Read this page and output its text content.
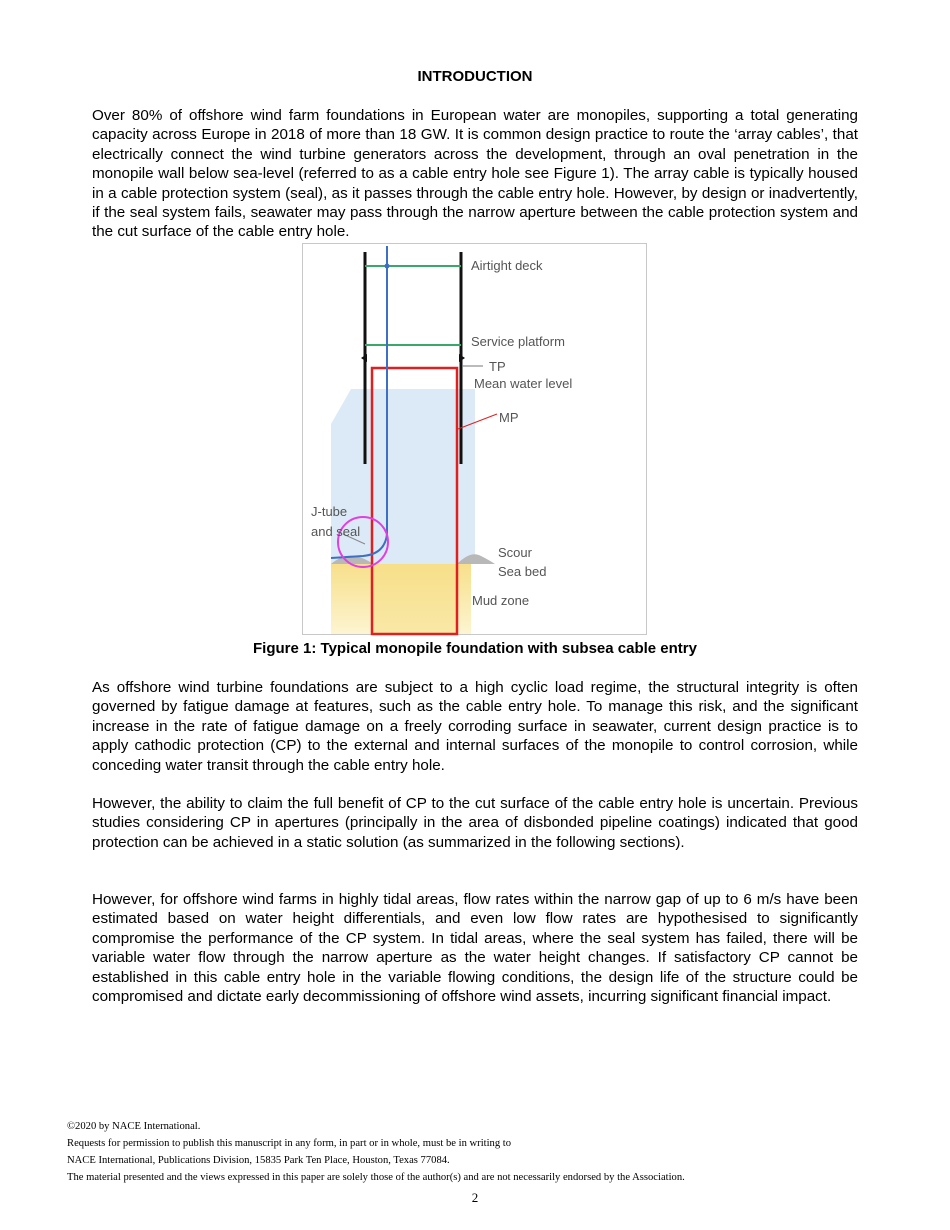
INTRODUCTION

Over 80% of offshore wind farm foundations in European water are monopiles, supporting a total generating capacity across Europe in 2018 of more than 18 GW. It is common design practice to route the ‘array cables’, that electrically connect the wind turbine generators across the development, through an oval penetration in the monopile wall below sea-level (referred to as a cable entry hole see Figure 1). The array cable is typically housed in a cable protection system (seal), as it passes through the cable entry hole. However, by design or inadvertently, if the seal system fails, seawater may pass through the narrow aperture between the cable protection system and the cut surface of the cable entry hole.

Airtight deck
Service platform
TP
Mean water level
MP
J-tube
and seal
Scour
Sea bed
Mud zone
Figure 1: Typical monopile foundation with subsea cable entry

As offshore wind turbine foundations are subject to a high cyclic load regime, the structural integrity is often governed by fatigue damage at features, such as the cable entry hole. To manage this risk, and the significant increase in the rate of fatigue damage on a freely corroding surface in seawater, current design practice is to apply cathodic protection (CP) to the external and internal surfaces of the monopile to control corrosion, while conceding water transit through the cable entry hole.

However, the ability to claim the full benefit of CP to the cut surface of the cable entry hole is uncertain. Previous studies considering CP in apertures (principally in the area of disbonded pipeline coatings) indicated that good protection can be achieved in a static solution (as summarized in the following sections).

However, for offshore wind farms in highly tidal areas, flow rates within the narrow gap of up to 6 m/s have been estimated based on water height differentials, and even low flow rates are hypothesised to significantly compromise the performance of the CP system. In tidal areas, where the seal system has failed, there will be variable water flow through the narrow aperture as the water height changes. If satisfactory CP cannot be established in this cable entry hole in the variable flowing conditions, the design life of the structure could be compromised and dictate early decommissioning of offshore wind assets, incurring significant financial impact.

©2020 by NACE International.
Requests for permission to publish this manuscript in any form, in part or in whole, must be in writing to
NACE International, Publications Division, 15835 Park Ten Place, Houston, Texas 77084.
The material presented and the views expressed in this paper are solely those of the author(s) and are not necessarily endorsed by the Association.
2
